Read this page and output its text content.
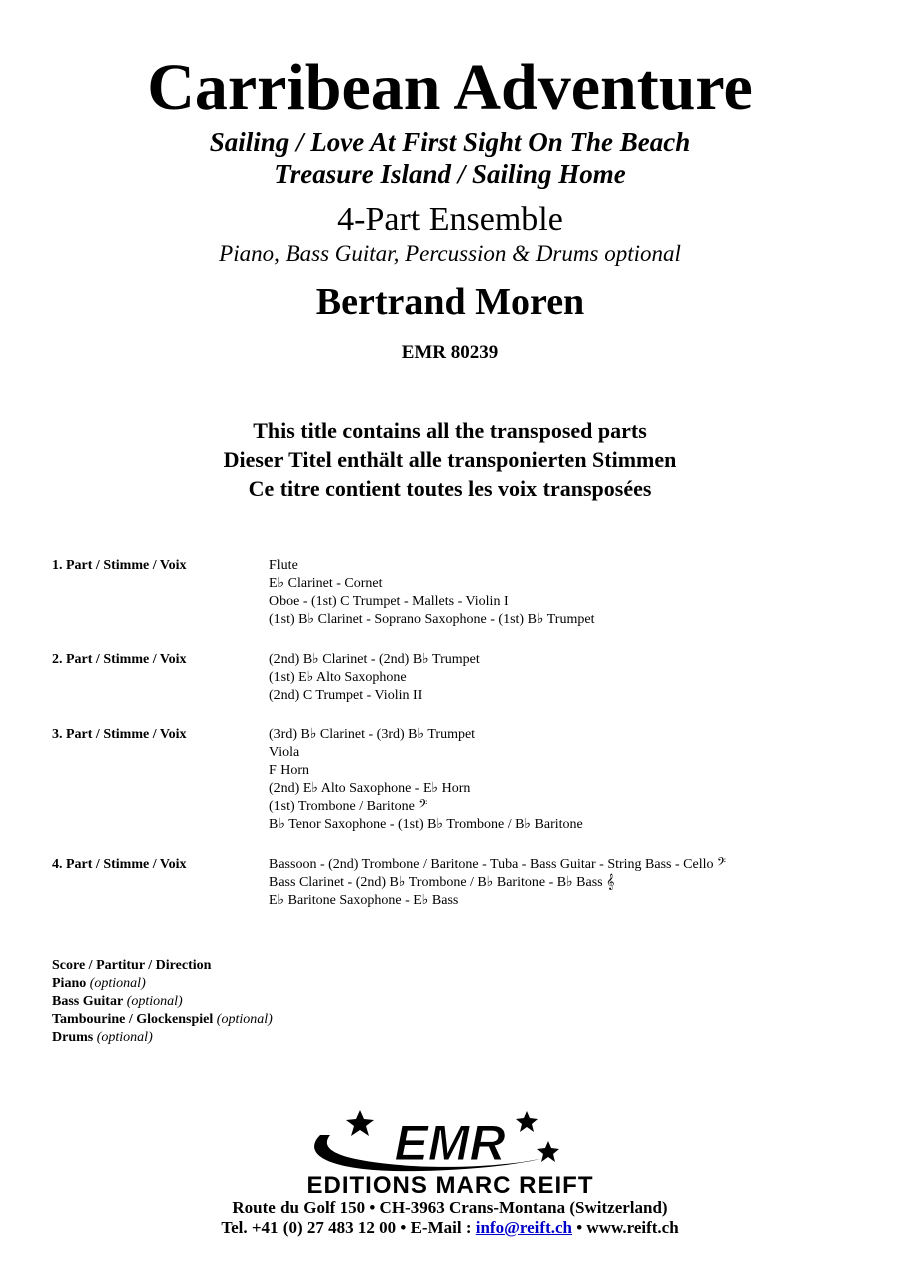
Carribean Adventure
Sailing / Love At First Sight On The Beach
Treasure Island / Sailing Home
4-Part Ensemble
Piano, Bass Guitar, Percussion & Drums optional
Bertrand Moren
EMR 80239
This title contains all the transposed parts
Dieser Titel enthält alle transponierten Stimmen
Ce titre contient toutes les voix transposées
1. Part / Stimme / Voix	Flute
E♭ Clarinet - Cornet
Oboe - (1st) C Trumpet - Mallets - Violin I
(1st) B♭ Clarinet - Soprano Saxophone - (1st) B♭ Trumpet
2. Part / Stimme / Voix	(2nd) B♭ Clarinet - (2nd) B♭ Trumpet
(1st) E♭ Alto Saxophone
(2nd) C Trumpet - Violin II
3. Part / Stimme / Voix	(3rd) B♭ Clarinet - (3rd) B♭ Trumpet
Viola
F Horn
(2nd) E♭ Alto Saxophone - E♭ Horn
(1st) Trombone / Baritone 𝄢
B♭ Tenor Saxophone - (1st) B♭ Trombone / B♭ Baritone
4. Part / Stimme / Voix	Bassoon - (2nd) Trombone / Baritone - Tuba - Bass Guitar - String Bass - Cello 𝄢
Bass Clarinet - (2nd) B♭ Trombone / B♭ Baritone - B♭ Bass 𝄞
E♭ Baritone Saxophone - E♭ Bass
Score / Partitur / Direction
Piano (optional)
Bass Guitar (optional)
Tambourine / Glockenspiel (optional)
Drums (optional)
EMR
EDITIONS MARC REIFT
Route du Golf 150 • CH-3963 Crans-Montana (Switzerland)
Tel. +41 (0) 27 483 12 00 • E-Mail : info@reift.ch • www.reift.ch
